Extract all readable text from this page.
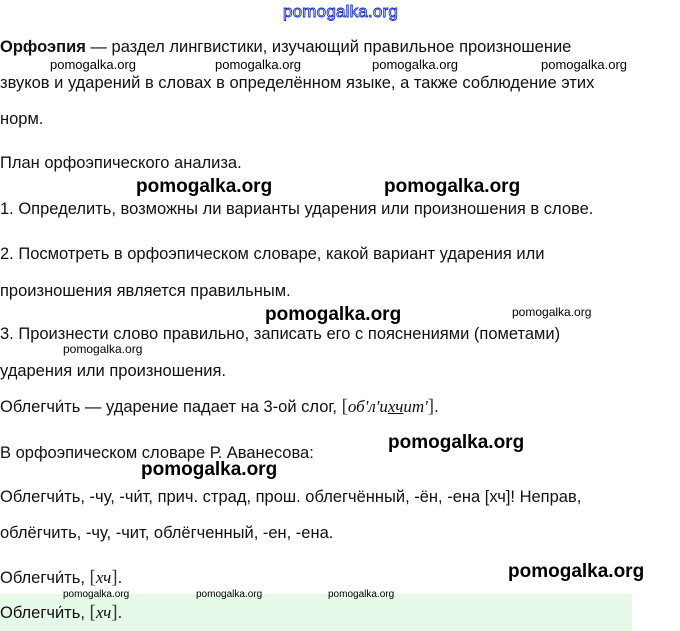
pomogalka.org
pomogalka.org	pomogalka.org	pomogalka.org	pomogalka.org
pomogalka.org	pomogalka.org
pomogalka.org	pomogalka.org
pomogalka.org
pomogalka.org
pomogalka.org
pomogalka.org
pomogalka.org	pomogalka.org	pomogalka.org
Орфоэпия — раздел лингвистики, изучающий правильное произношение
звуков и ударений в словах в определённом языке, а также соблюдение этих
норм.
План орфоэпического анализа.
1. Определить, возможны ли варианты ударения или произношения в слове.
2. Посмотреть в орфоэпическом словаре, какой вариант ударения или
произношения является правильным.
3. Произнести слово правильно, записать его с пояснениями (пометами)
ударения или произношения.
Облегчи́ть — ударение падает на 3-ой слог, [об'л'ихчит'].
В орфоэпическом словаре Р. Аванесова:
Облегчи́ть, -чу, -чи́т, прич. страд, прош. облегчённый, -ён, -ена [хч]! Неправ,
облёгчить, -чу, -чит, облёгченный, -ен, -ена.
Облегчи́ть, [хч].
Облегчи́ть, [хч].
